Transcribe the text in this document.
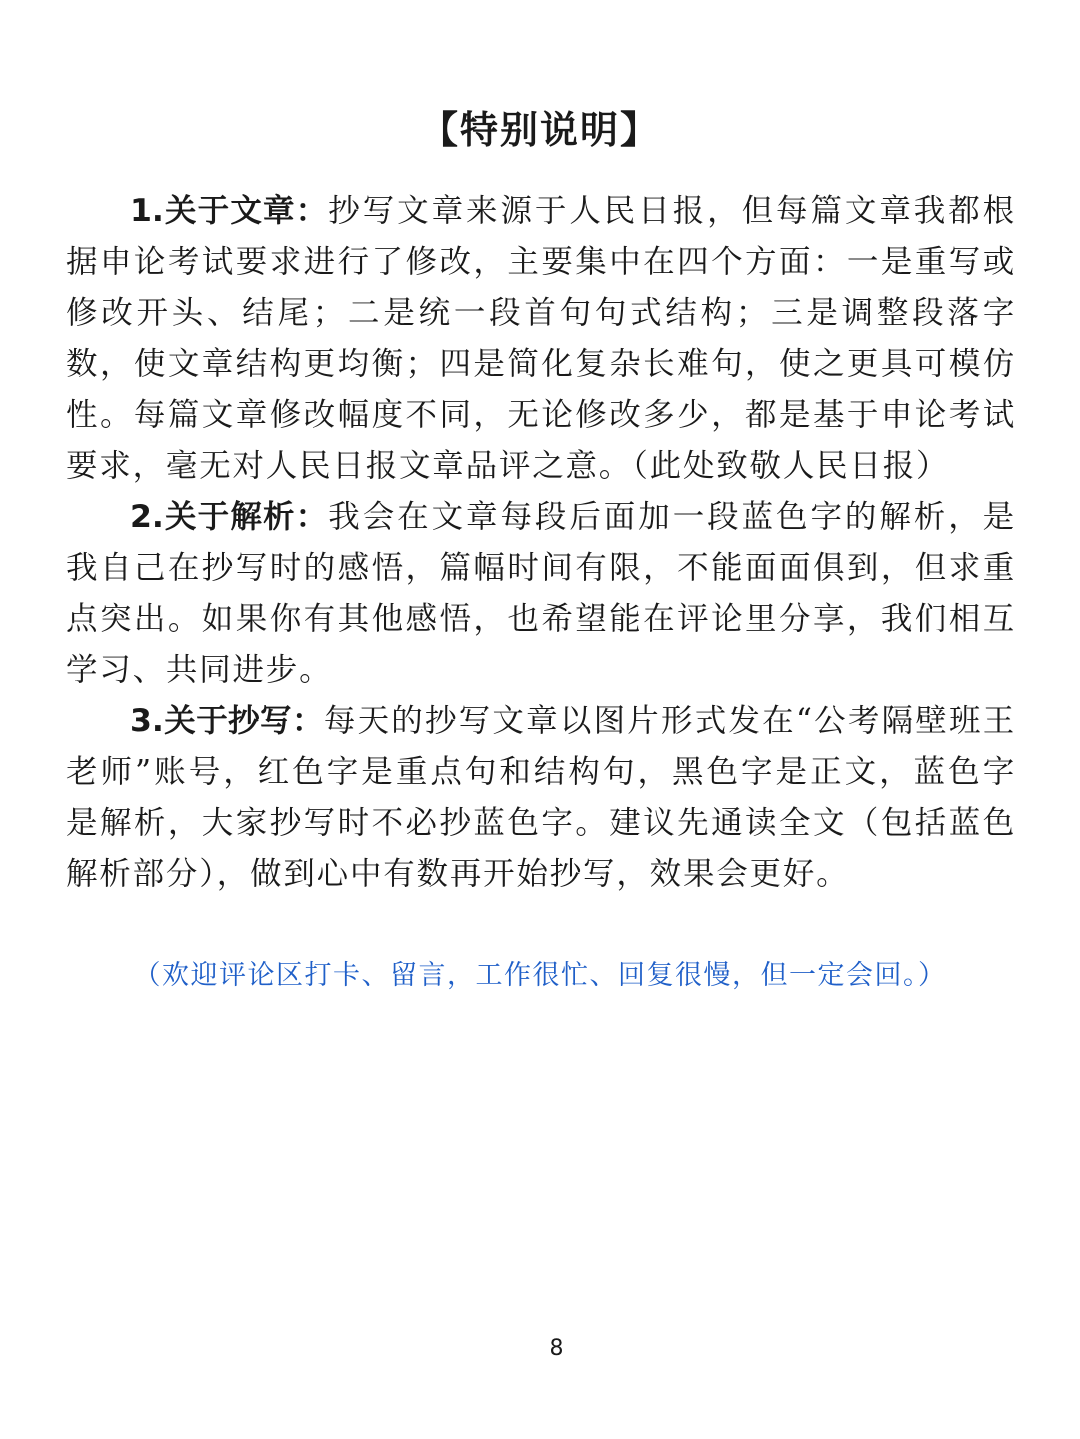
【特别说明】

1.关于文章：抄写文章来源于人民日报，但每篇文章我都根据申论考试要求进行了修改，主要集中在四个方面：一是重写或修改开头、结尾；二是统一段首句句式结构；三是调整段落字数，使文章结构更均衡；四是简化复杂长难句，使之更具可模仿性。每篇文章修改幅度不同，无论修改多少，都是基于申论考试要求，毫无对人民日报文章品评之意。（此处致敬人民日报）

2.关于解析：我会在文章每段后面加一段蓝色字的解析，是我自己在抄写时的感悟，篇幅时间有限，不能面面俱到，但求重点突出。如果你有其他感悟，也希望能在评论里分享，我们相互学习、共同进步。

3.关于抄写：每天的抄写文章以图片形式发在“公考隔壁班王老师”账号，红色字是重点句和结构句，黑色字是正文，蓝色字是解析，大家抄写时不必抄蓝色字。建议先通读全文（包括蓝色解析部分），做到心中有数再开始抄写，效果会更好。

（欢迎评论区打卡、留言，工作很忙、回复很慢，但一定会回。）
8
